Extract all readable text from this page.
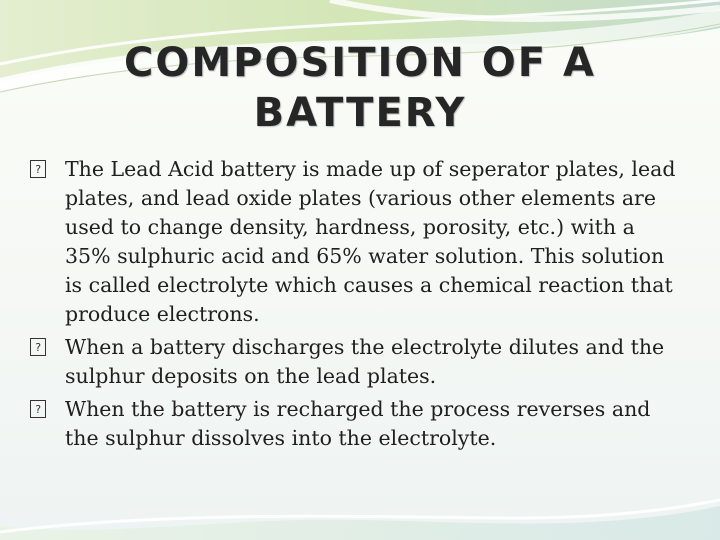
COMPOSITION OF A
BATTERY
? The Lead Acid battery is made up of seperator plates, lead plates, and lead oxide plates (various other elements are used to change density, hardness, porosity, etc.) with a 35% sulphuric acid and 65% water solution. This solution is called electrolyte which causes a chemical reaction that produce electrons.
? When a battery discharges the electrolyte dilutes and the sulphur deposits on the lead plates.
? When the battery is recharged the process reverses and the sulphur dissolves into the electrolyte.
